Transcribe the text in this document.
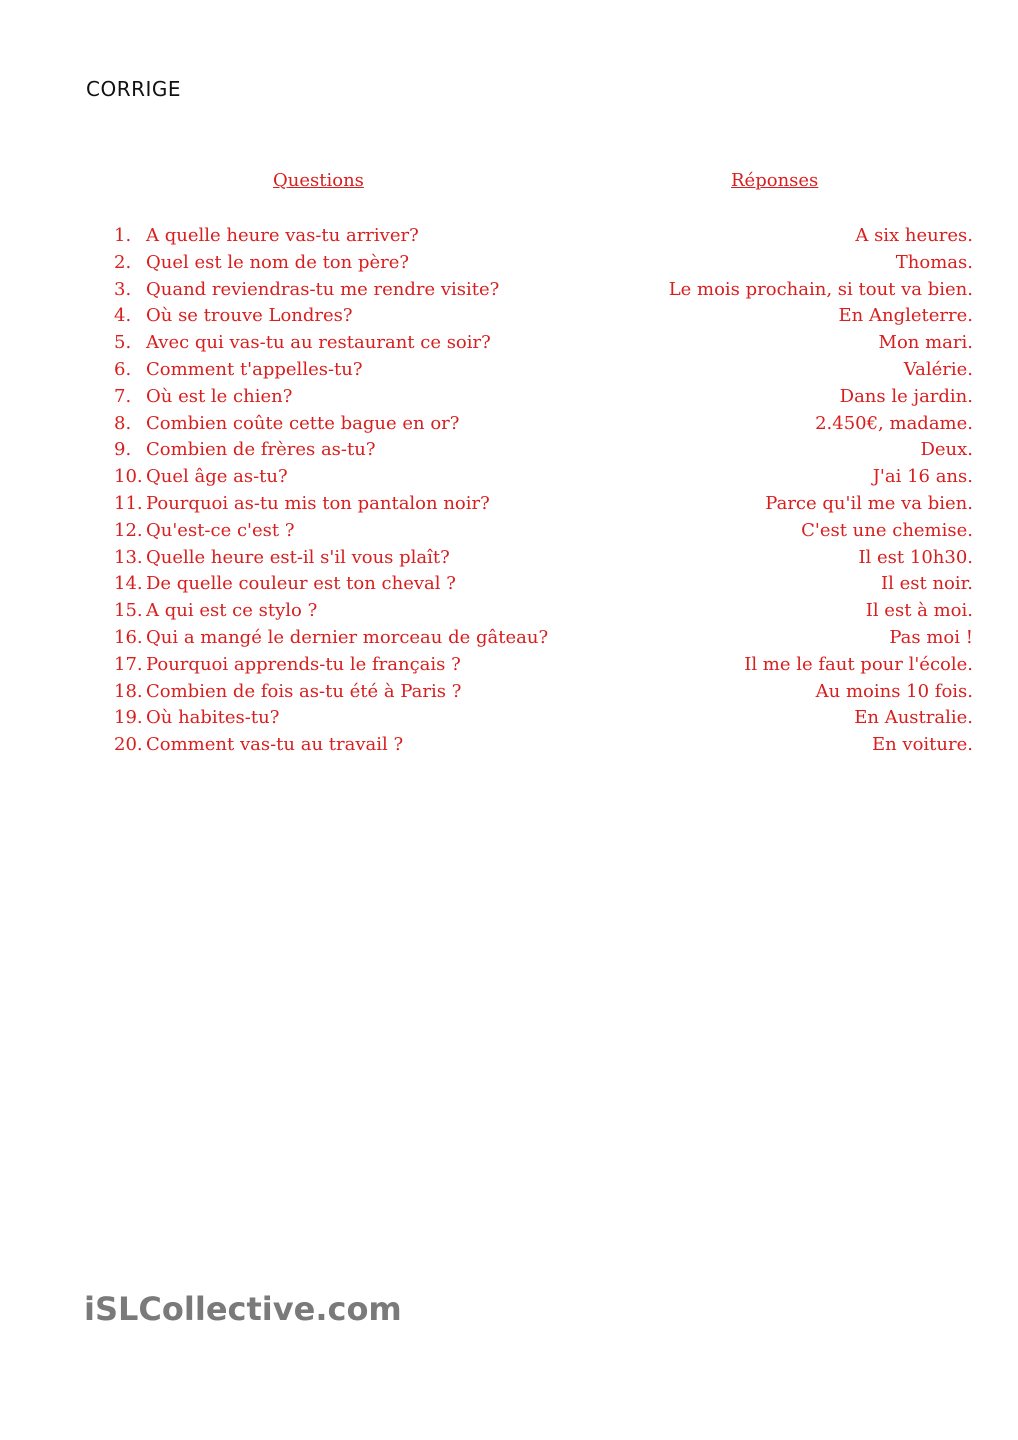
CORRIGE
Questions	Réponses
1. A quelle heure vas-tu arriver?	A six heures.
2. Quel est le nom de ton père?	Thomas.
3. Quand reviendras-tu me rendre visite?	Le mois prochain, si tout va bien.
4. Où se trouve Londres?	En Angleterre.
5. Avec qui vas-tu au restaurant ce soir?	Mon mari.
6. Comment t'appelles-tu?	Valérie.
7. Où est le chien?	Dans le jardin.
8. Combien coûte cette bague en or?	2.450€, madame.
9. Combien de frères as-tu?	Deux.
10. Quel âge as-tu?	J'ai 16 ans.
11. Pourquoi as-tu mis ton pantalon noir?	Parce qu'il me va bien.
12. Qu'est-ce c'est ?	C'est une chemise.
13. Quelle heure est-il s'il vous plaît?	Il est 10h30.
14. De quelle couleur est ton cheval ?	Il est noir.
15. A qui est ce stylo ?	Il est à moi.
16. Qui a mangé le dernier morceau de gâteau?	Pas moi !
17. Pourquoi apprends-tu le français ?	Il me le faut pour l'école.
18. Combien de fois as-tu été à Paris ?	Au moins 10 fois.
19. Où habites-tu?	En Australie.
20. Comment vas-tu au travail ?	En voiture.
iSLCollective.com
